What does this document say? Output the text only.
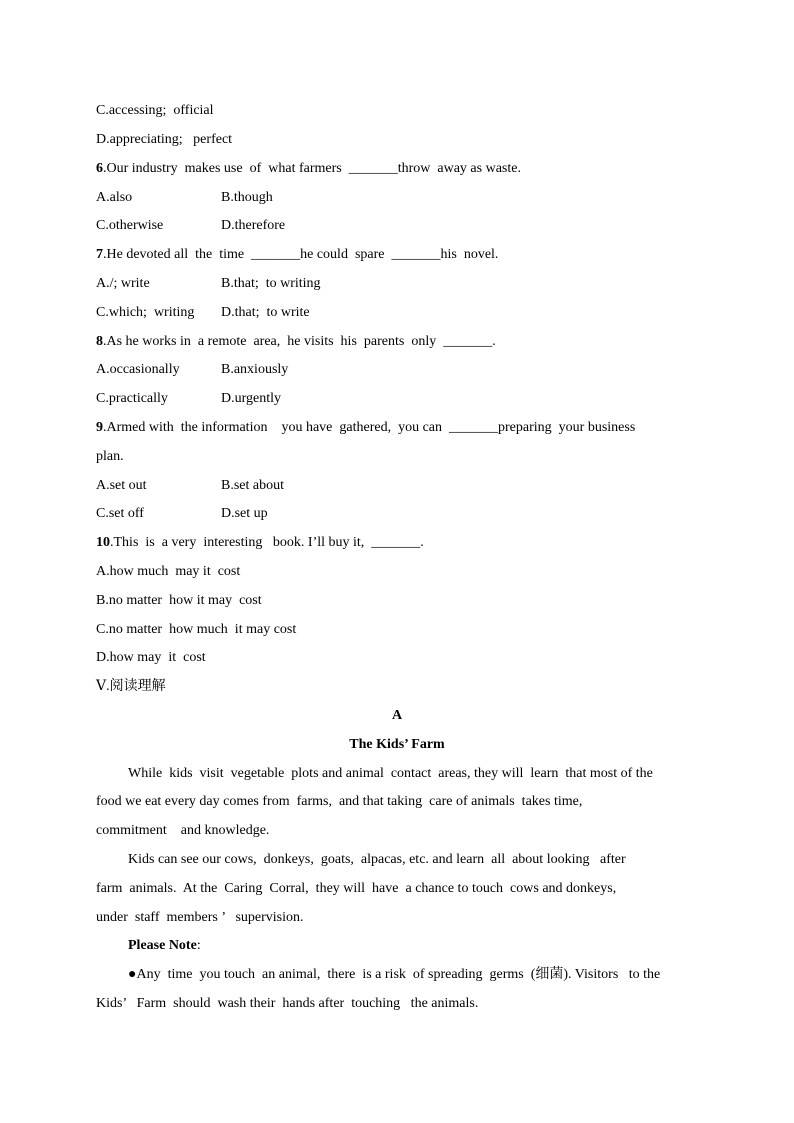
C.accessing;  official
D.appreciating;   perfect
6.Our industry  makes use  of  what farmers  _______throw  away as waste.
A.also	B.though
C.otherwise	D.therefore
7.He devoted all  the  time  _______he could  spare  _______his  novel.
A./; write	B.that;  to writing
C.which;  writing D.that;  to write
8.As he works in  a remote  area,  he visits  his  parents  only  _______.
A.occasionally	B.anxiously
C.practically	D.urgently
9.Armed with  the information    you have  gathered,  you can  _______preparing  your business
plan.
A.set out	B.set about
C.set off	D.set up
10.This  is  a very  interesting   book. I’ll buy it,  _______.
A.how much  may it  cost
B.no matter  how it may  cost
C.no matter  how much  it may cost
D.how may  it  cost
Ⅴ.阅读理解
A
The Kids’ Farm
While  kids  visit  vegetable  plots and animal  contact  areas, they will  learn  that most of the
food we eat every day comes from  farms,  and that taking  care of animals  takes time,
commitment    and knowledge.
Kids can see our cows,  donkeys,  goats,  alpacas, etc. and learn  all  about looking   after
farm  animals.  At the  Caring  Corral,  they will  have  a chance to touch  cows and donkeys,
under  staff  members ’   supervision.
Please Note:
●Any  time  you touch  an animal,  there  is a risk  of spreading  germs  (细菌). Visitors   to the
Kids’   Farm  should  wash their  hands after  touching   the animals.
